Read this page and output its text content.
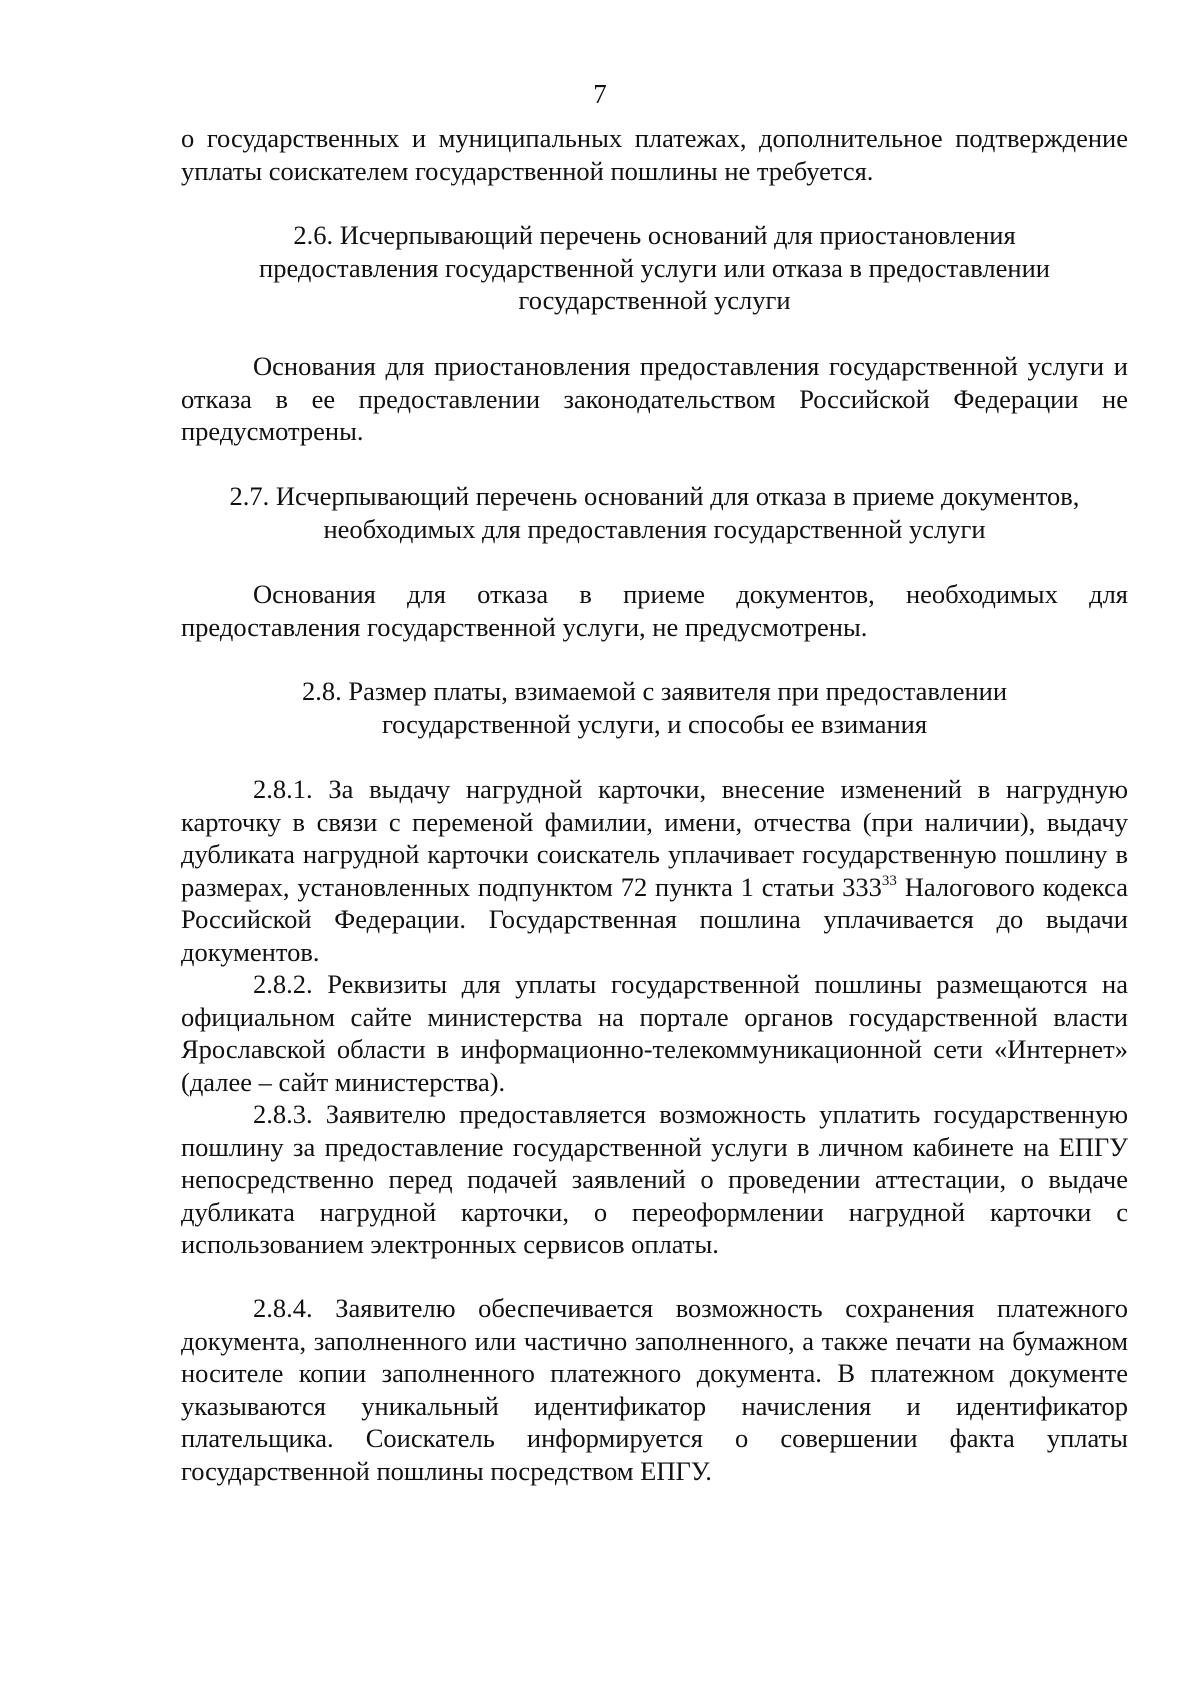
7

о государственных и муниципальных платежах, дополнительное подтверждение уплаты соискателем государственной пошлины не требуется.

2.6. Исчерпывающий перечень оснований для приостановления предоставления государственной услуги или отказа в предоставлении государственной услуги

Основания для приостановления предоставления государственной услуги и отказа в ее предоставлении законодательством Российской Федерации не предусмотрены.

2.7. Исчерпывающий перечень оснований для отказа в приеме документов, необходимых для предоставления государственной услуги

Основания для отказа в приеме документов, необходимых для предоставления государственной услуги, не предусмотрены.

2.8. Размер платы, взимаемой с заявителя при предоставлении государственной услуги, и способы ее взимания

2.8.1. За выдачу нагрудной карточки, внесение изменений в нагрудную карточку в связи с переменой фамилии, имени, отчества (при наличии), выдачу дубликата нагрудной карточки соискатель уплачивает государственную пошлину в размерах, установленных подпунктом 72 пункта 1 статьи $333^{33}$ Налогового кодекса Российской Федерации. Государственная пошлина уплачивается до выдачи документов.

2.8.2. Реквизиты для уплаты государственной пошлины размещаются на официальном сайте министерства на портале органов государственной власти Ярославской области в информационно-телекоммуникационной сети «Интернет» (далее – сайт министерства).

2.8.3. Заявителю предоставляется возможность уплатить государственную пошлину за предоставление государственной услуги в личном кабинете на ЕПГУ непосредственно перед подачей заявлений о проведении аттестации, о выдаче дубликата нагрудной карточки, о переоформлении нагрудной карточки с использованием электронных сервисов оплаты.

2.8.4. Заявителю обеспечивается возможность сохранения платежного документа, заполненного или частично заполненного, а также печати на бумажном носителе копии заполненного платежного документа. В платежном документе указываются уникальный идентификатор начисления и идентификатор плательщика. Соискатель информируется о совершении факта уплаты государственной пошлины посредством ЕПГУ.
